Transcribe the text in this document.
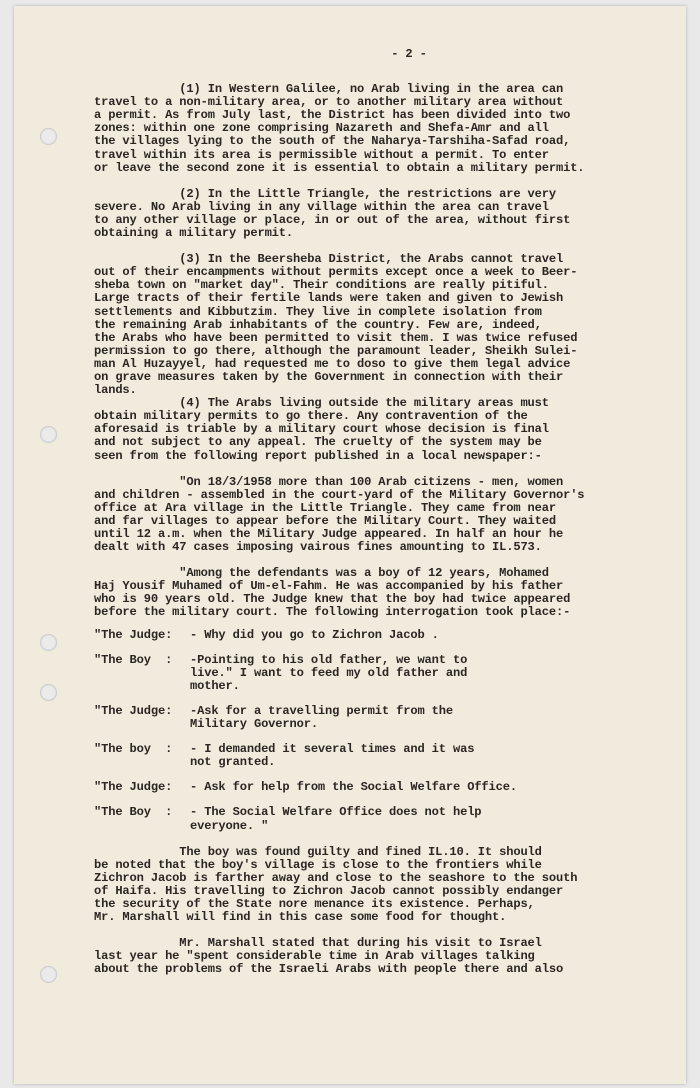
- 2 -

(1) In Western Galilee, no Arab living in the area can

travel to a non-military area, or to another military area without

a permit. As from July last, the District has been divided into two

zones: within one zone comprising Nazareth and Shefa-Amr and all

the villages lying to the south of the Naharya-Tarshiha-Safad road,

travel within its area is permissible without a permit. To enter

or leave the second zone it is essential to obtain a military permit.

(2) In the Little Triangle, the restrictions are very

severe. No Arab living in any village within the area can travel

to any other village or place, in or out of the area, without first

obtaining a military permit.

(3) In the Beersheba District, the Arabs cannot travel

out of their encampments without permits except once a week to Beer-

sheba town on "market day". Their conditions are really pitiful.

Large tracts of their fertile lands were taken and given to Jewish

settlements and Kibbutzim. They live in complete isolation from

the remaining Arab inhabitants of the country. Few are, indeed,

the Arabs who have been permitted to visit them. I was twice refused

permission to go there, although the paramount leader, Sheikh Sulei-

man Al Huzayyel, had requested me to doso to give them legal advice

on grave measures taken by the Government in connection with their

lands.

(4) The Arabs living outside the military areas must

obtain military permits to go there. Any contravention of the

aforesaid is triable by a military court whose decision is final

and not subject to any appeal. The cruelty of the system may be

seen from the following report published in a local newspaper:-

"On 18/3/1958 more than 100 Arab citizens - men, women

and children - assembled in the court-yard of the Military Governor's

office at Ara village in the Little Triangle. They came from near

and far villages to appear before the Military Court. They waited

until 12 a.m. when the Military Judge appeared. In half an hour he

dealt with 47 cases imposing vairous fines amounting to IL.573.

"Among the defendants was a boy of 12 years, Mohamed

Haj Yousif Muhamed of Um-el-Fahm. He was accompanied by his father

who is 90 years old. The Judge knew that the boy had twice appeared

before the military court. The following interrogation took place:-

"The Judge:	- Why did you go to Zichron Jacob .
"The Boy  :	-Pointing to his old father, we want to
live." I want to feed my old father and
mother.
"The Judge:	-Ask for a travelling permit from the
Military Governor.
"The boy  :	- I demanded it several times and it was
not granted.
"The Judge:	- Ask for help from the Social Welfare Office.
"The Boy  :	- The Social Welfare Office does not help
everyone. "

The boy was found guilty and fined IL.10. It should

be noted that the boy's village is close to the frontiers while

Zichron Jacob is farther away and close to the seashore to the south

of Haifa. His travelling to Zichron Jacob cannot possibly endanger

the security of the State nore menance its existence. Perhaps,

Mr. Marshall will find in this case some food for thought.

Mr. Marshall stated that during his visit to Israel

last year he "spent considerable time in Arab villages talking

about the problems of the Israeli Arabs with people there and also
